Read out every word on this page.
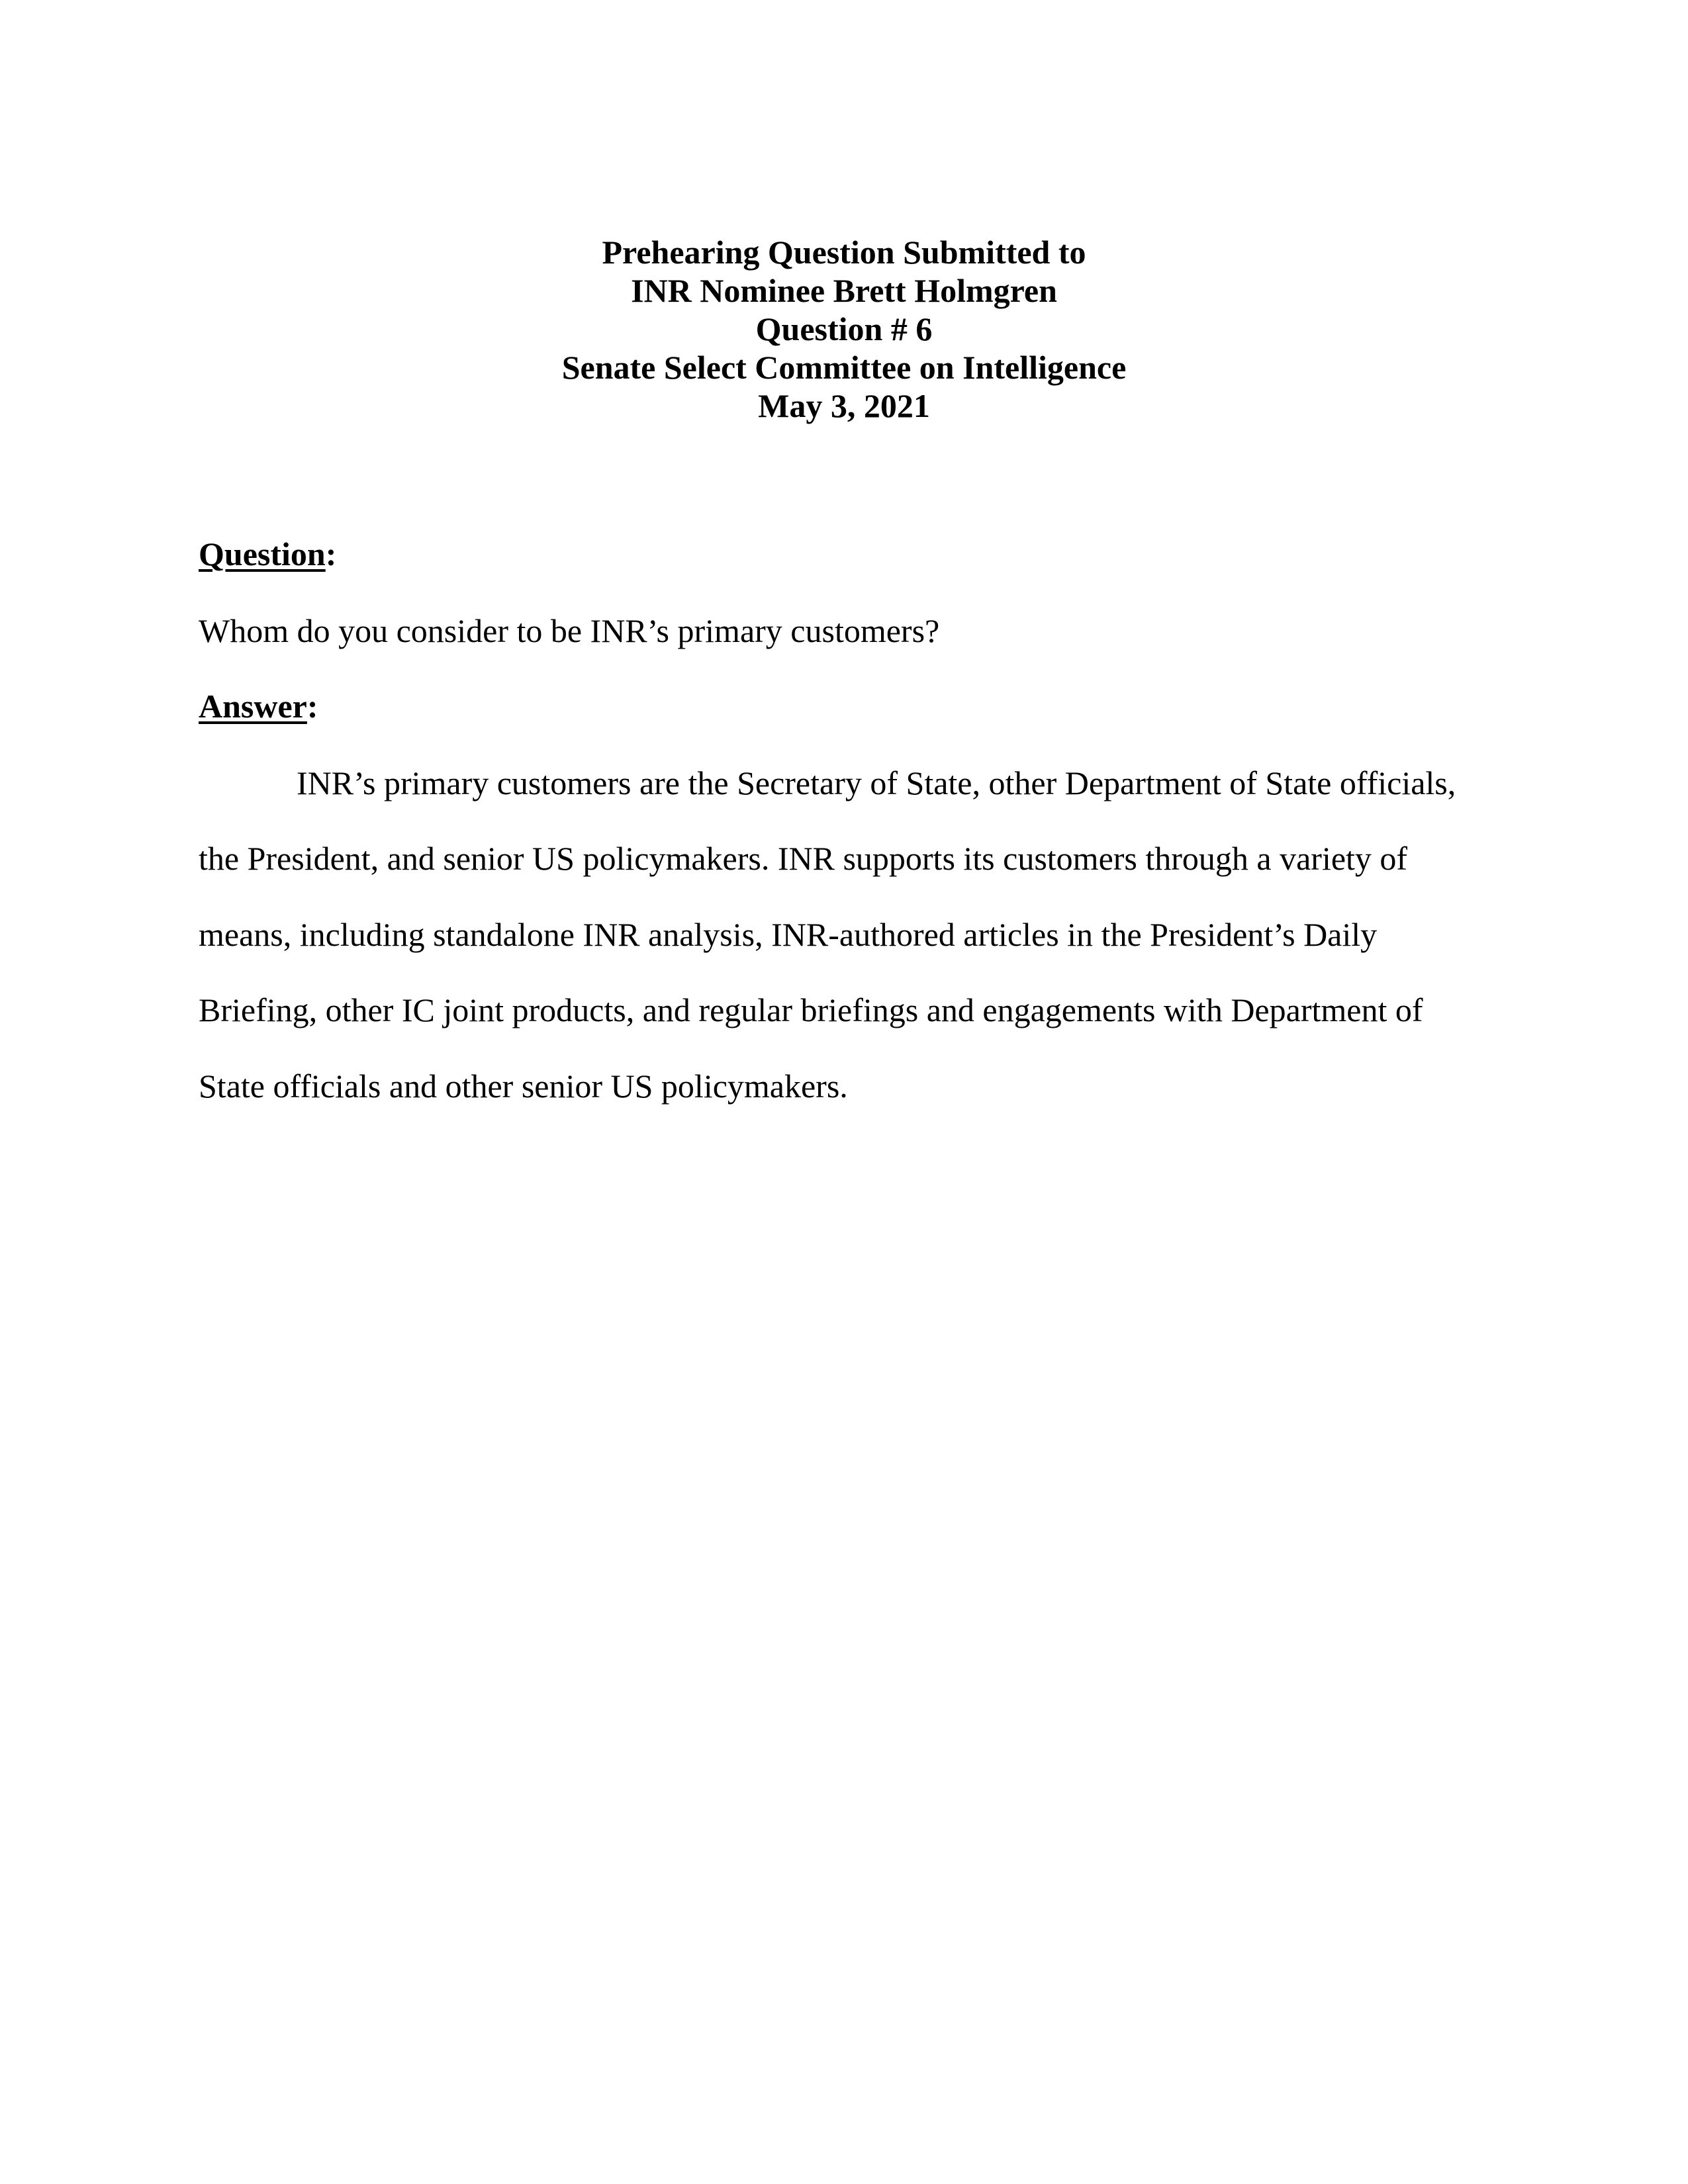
Prehearing Question Submitted to
INR Nominee Brett Holmgren
Question # 6
Senate Select Committee on Intelligence
May 3, 2021
Question:
Whom do you consider to be INR’s primary customers?
Answer:
INR’s primary customers are the Secretary of State, other Department of State officials,
the President, and senior US policymakers. INR supports its customers through a variety of
means, including standalone INR analysis, INR-authored articles in the President’s Daily
Briefing, other IC joint products, and regular briefings and engagements with Department of
State officials and other senior US policymakers.
